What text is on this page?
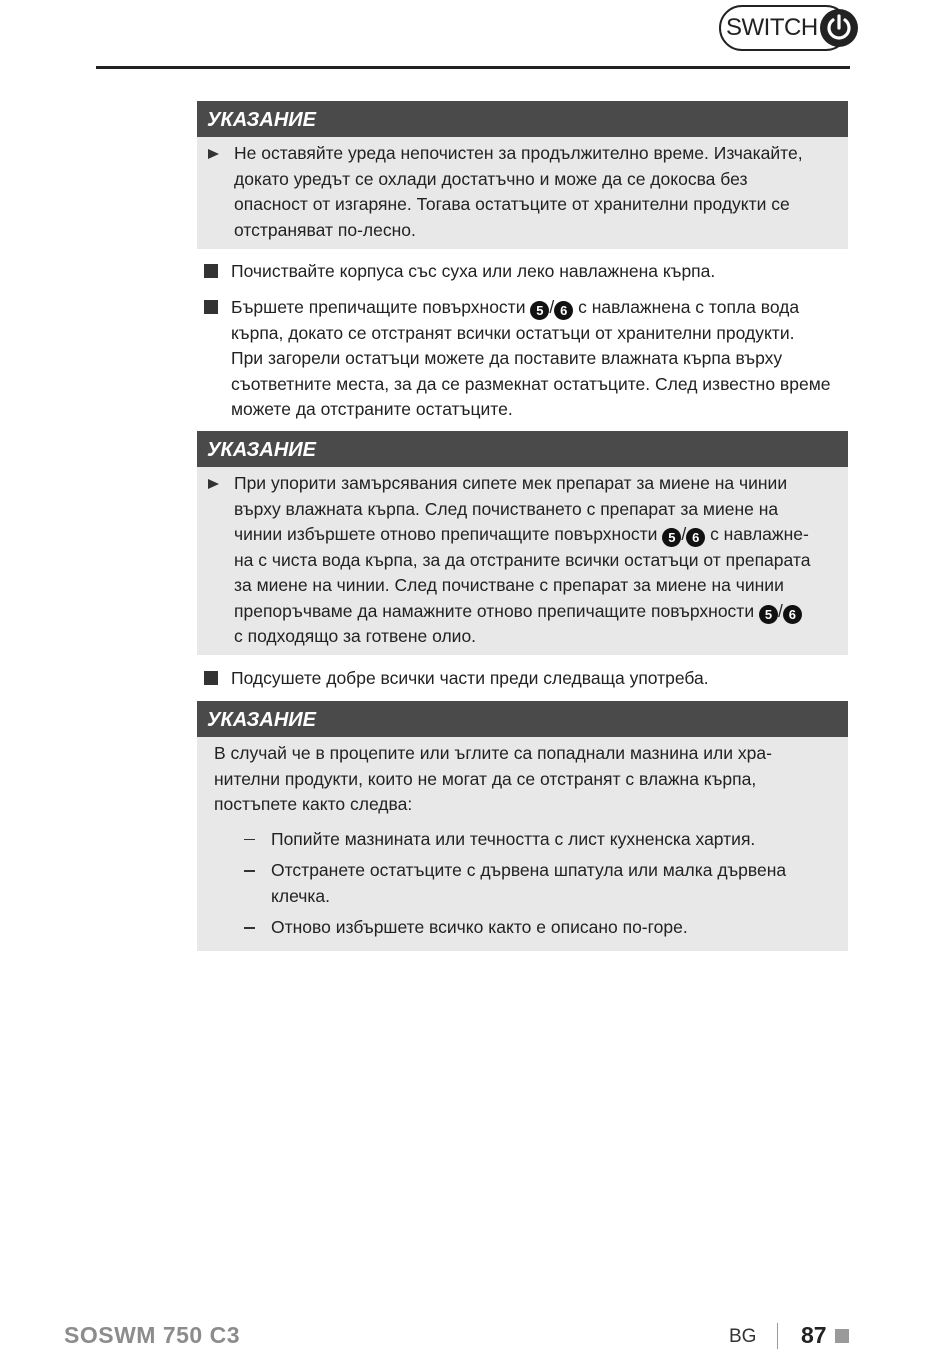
SWITCH
УКАЗАНИЕ
Не оставяйте уреда непочистен за продължително време. Изчакайте,
докато уредът се охлади достатъчно и може да се докосва без
опасност от изгаряне. Тогава остатъците от хранителни продукти се
отстраняват по-лесно.
Почиствайте корпуса със суха или леко навлажнена кърпа.
Бършете препичащите повърхности 5 / 6 с навлажнена с топла вода
кърпа, докато се отстранят всички остатъци от хранителни продукти.
При загорели остатъци можете да поставите влажната кърпа върху
съответните места, за да се размекнат остатъците. След известно време
можете да отстраните остатъците.
УКАЗАНИЕ
При упорити замърсявания сипете мек препарат за миене на чинии
върху влажната кърпа. След почистването с препарат за миене на
чинии избършете отново препичащите повърхности 5 / 6 с навлажне-
на с чиста вода кърпа, за да отстраните всички остатъци от препарата
за миене на чинии. След почистване с препарат за миене на чинии
препоръчваме да намажните отново препичащите повърхности 5 / 6
с подходящо за готвене олио.
Подсушете добре всички части преди следваща употреба.
УКАЗАНИЕ
В случай че в процепите или ъглите са попаднали мазнина или хра-
нителни продукти, които не могат да се отстранят с влажна кърпа,
постъпете както следва:
Попийте мазнината или течността с лист кухненска хартия.
Отстранете остатъците с дървена шпатула или малка дървена
клечка.
Отново избършете всичко както е описано по-горе.
SOSWM 750 C3	BG 87
